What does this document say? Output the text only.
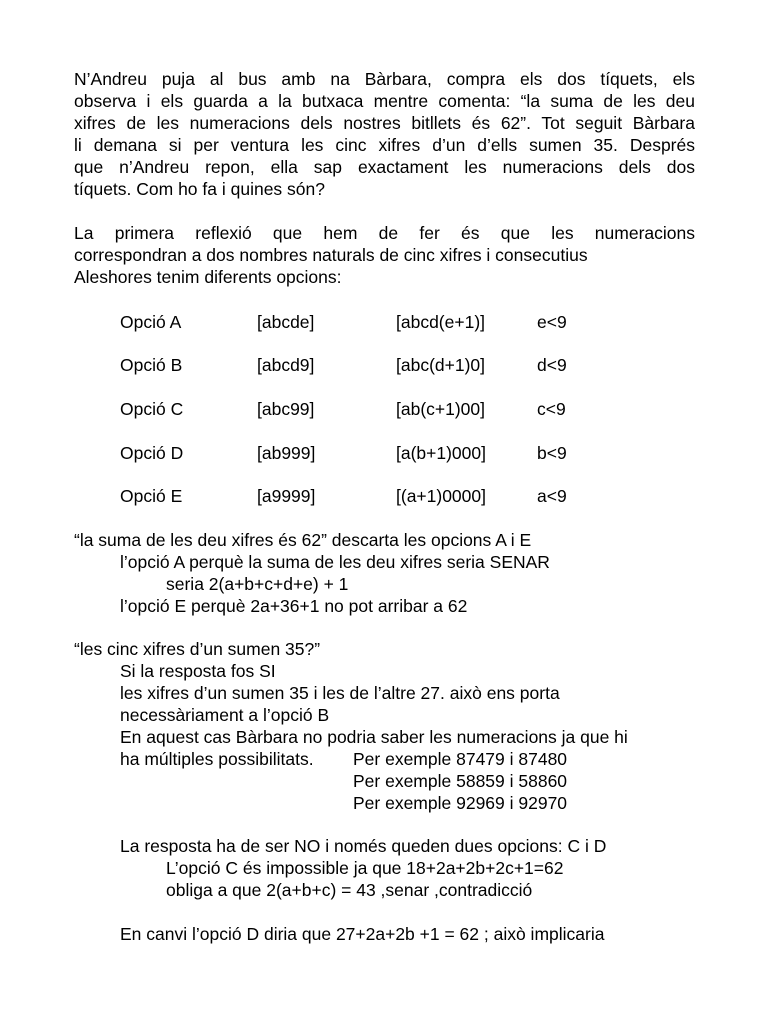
N’Andreu puja al bus amb na Bàrbara, compra els dos tíquets, els
observa i els guarda a la butxaca mentre comenta: “la suma de les deu
xifres de les numeracions dels nostres bitllets és 62”. Tot seguit Bàrbara
li demana si per ventura les cinc xifres d’un d’ells sumen 35. Després
que n’Andreu repon, ella sap exactament les numeracions dels dos
tíquets. Com ho fa i quines són?
La primera reflexió que hem de fer és que les numeracions
correspondran a dos nombres naturals de cinc xifres i consecutius
Aleshores tenim diferents opcions:
Opció A	[abcde]	[abcd(e+1)]	e<9
Opció B	[abcd9]	[abc(d+1)0]	d<9
Opció C	[abc99]	[ab(c+1)00]	c<9
Opció D	[ab999]	[a(b+1)000]	b<9
Opció E	[a9999]	[(a+1)0000]	a<9

“la suma de les deu xifres és 62” descarta les opcions A i E

l’opció A perquè la suma de les deu xifres seria SENAR

seria 2(a+b+c+d+e) + 1

l’opció E perquè 2a+36+1 no pot arribar a 62

“les cinc xifres d’un sumen 35?”

Si la resposta fos SI

les xifres d’un sumen 35 i les de l’altre 27. això ens porta

necessàriament a l’opció B

En aquest cas Bàrbara no podria saber les numeracions ja que hi

ha múltiples possibilitats. Per exemple 87479 i 87480

Per exemple 58859 i 58860

Per exemple 92969 i 92970

La resposta ha de ser NO i només queden dues opcions: C i D

L’opció C és impossible ja que 18+2a+2b+2c+1=62

obliga a que 2(a+b+c) = 43 ,senar ,contradicció

En canvi l’opció D diria que 27+2a+2b +1 = 62 ; això implicaria
